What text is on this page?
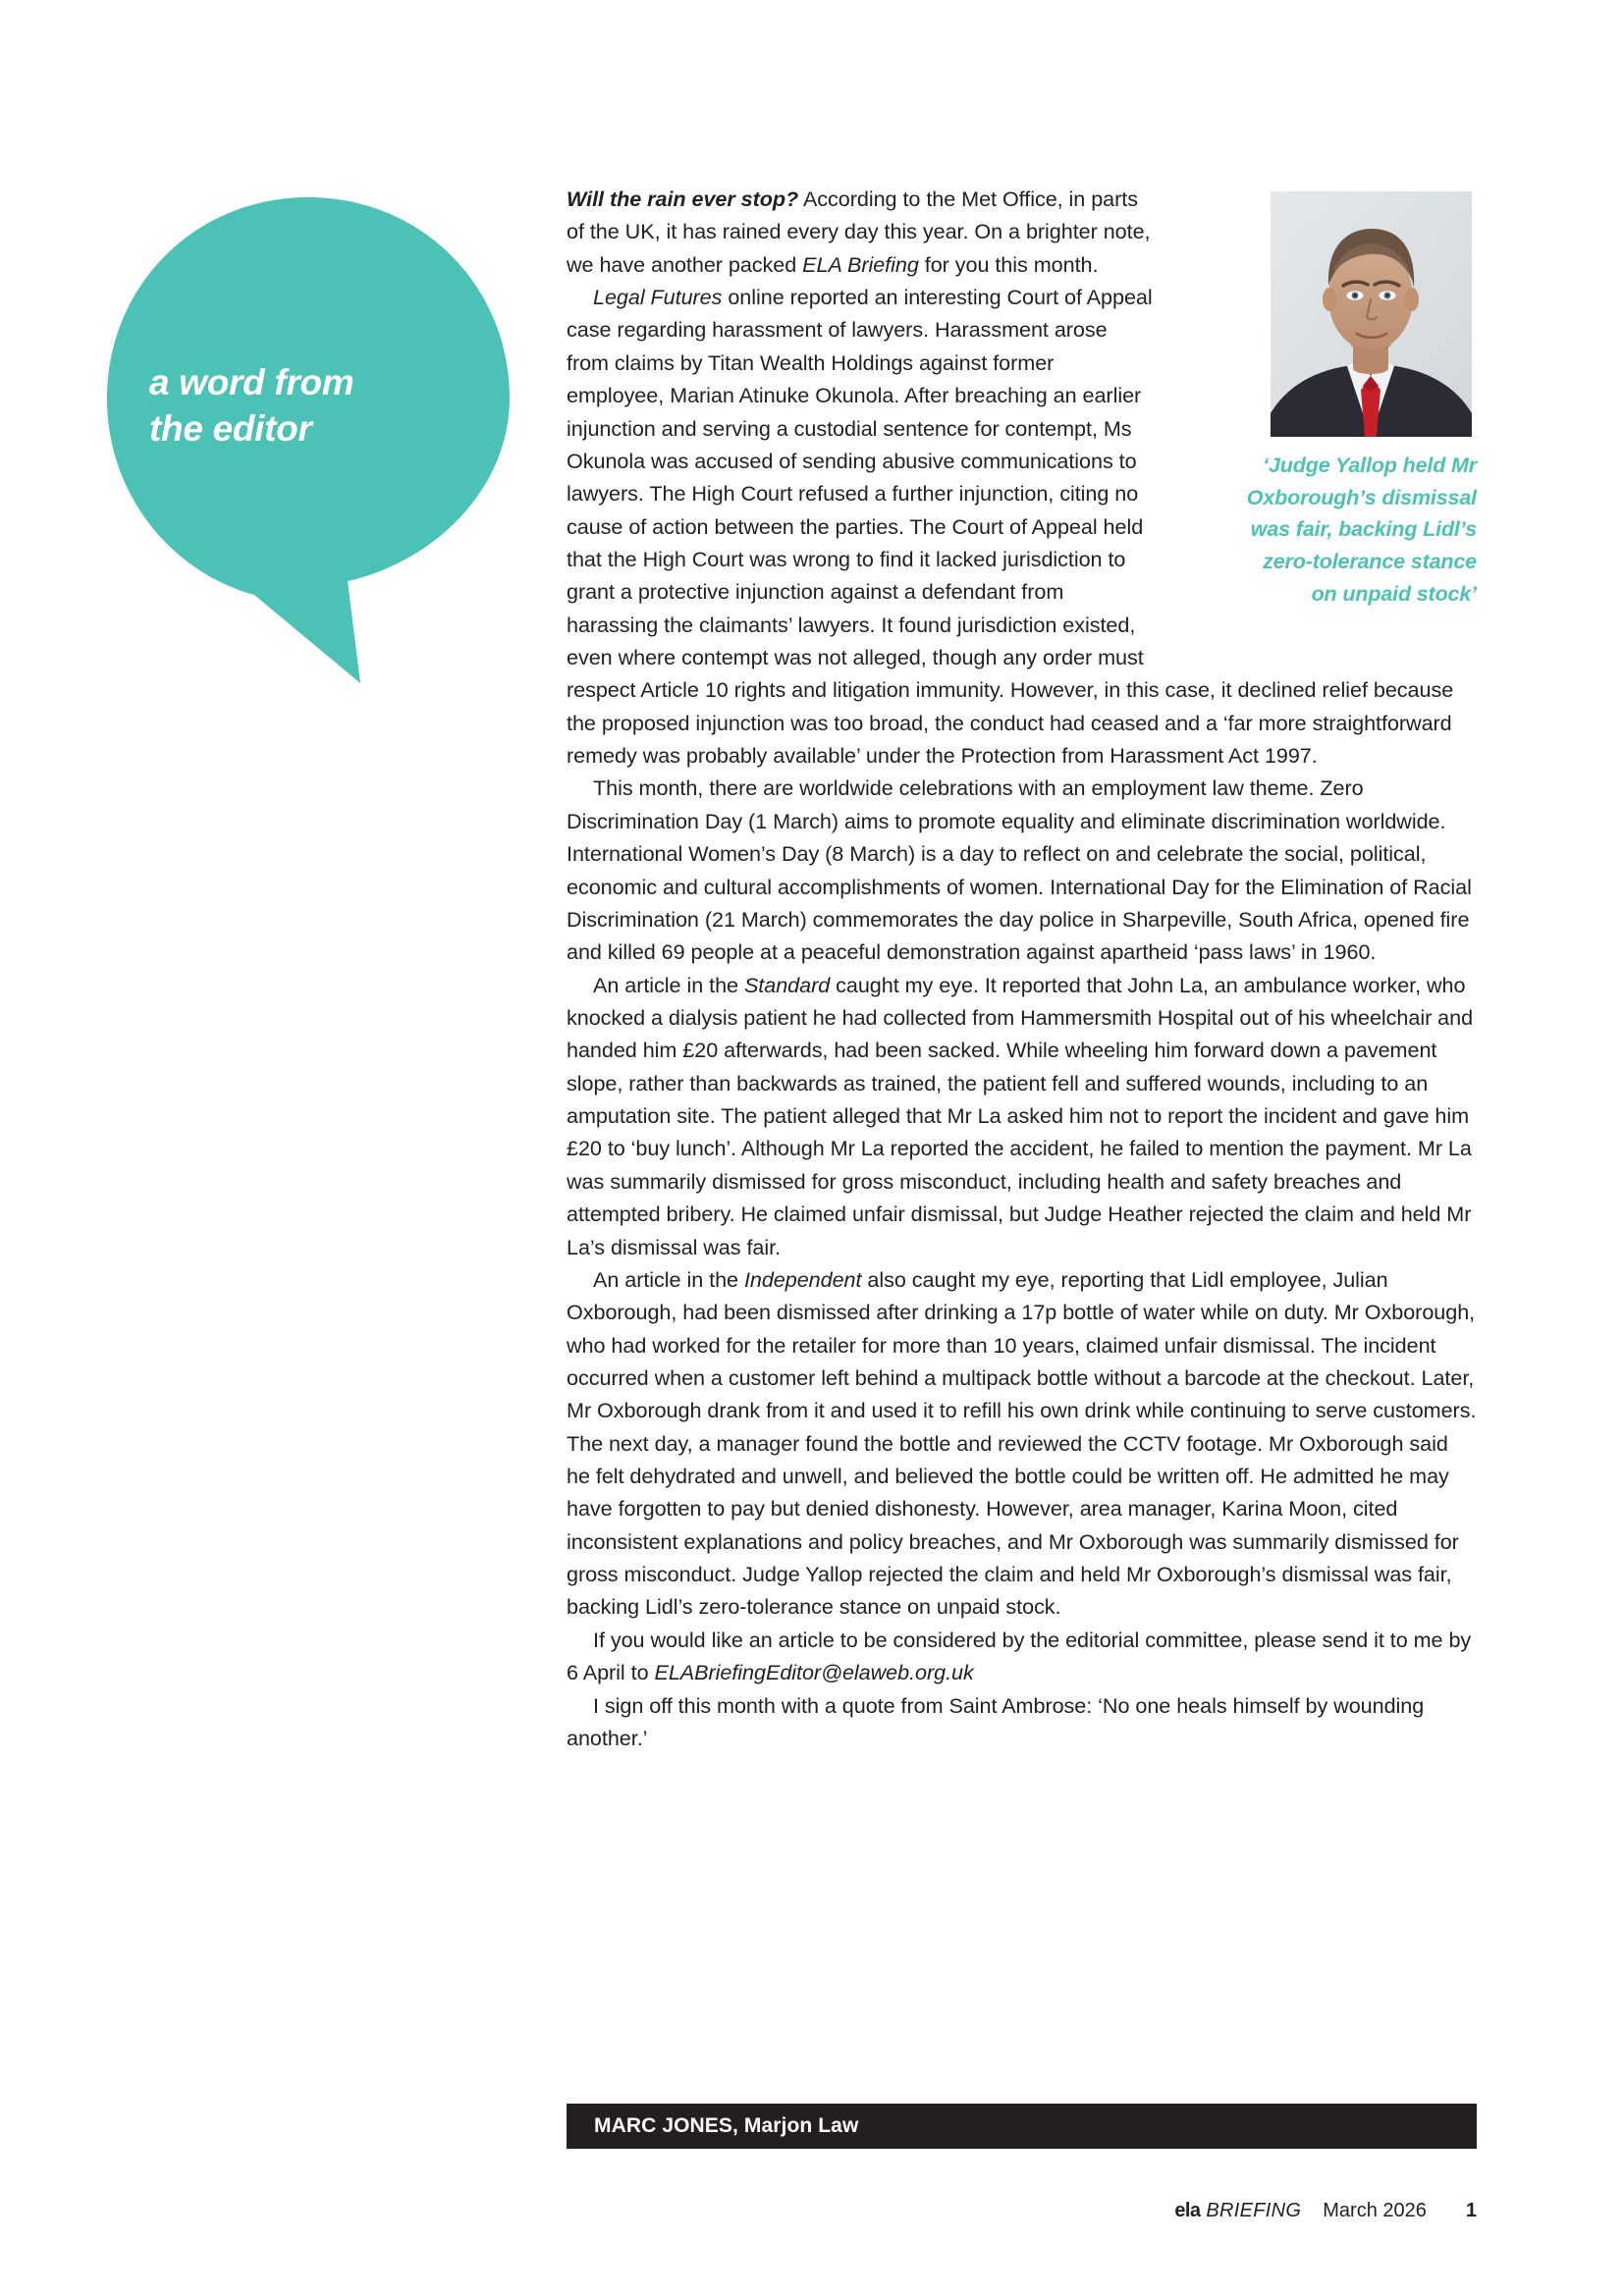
a word from
the editor
‘Judge Yallop held Mr
Oxborough’s dismissal
was fair, backing Lidl’s
zero-tolerance stance
on unpaid stock’

Will the rain ever stop? According to the Met Office, in parts of the UK, it has rained every day this year. On a brighter note, we have another packed ELA Briefing for you this month.

Legal Futures online reported an interesting Court of Appeal case regarding harassment of lawyers. Harassment arose from claims by Titan Wealth Holdings against former employee, Marian Atinuke Okunola. After breaching an earlier injunction and serving a custodial sentence for contempt, Ms Okunola was accused of sending abusive communications to lawyers. The High Court refused a further injunction, citing no cause of action between the parties. The Court of Appeal held that the High Court was wrong to find it lacked jurisdiction to grant a protective injunction against a defendant from harassing the claimants’ lawyers. It found jurisdiction existed, even where contempt was not alleged, though any order must respect Article 10 rights and litigation immunity. However, in this case, it declined relief because the proposed injunction was too broad, the conduct had ceased and a ‘far more straightforward remedy was probably available’ under the Protection from Harassment Act 1997.

This month, there are worldwide celebrations with an employment law theme. Zero Discrimination Day (1 March) aims to promote equality and eliminate discrimination worldwide. International Women’s Day (8 March) is a day to reflect on and celebrate the social, political, economic and cultural accomplishments of women. International Day for the Elimination of Racial Discrimination (21 March) commemorates the day police in Sharpeville, South Africa, opened fire and killed 69 people at a peaceful demonstration against apartheid ‘pass laws’ in 1960.

An article in the Standard caught my eye. It reported that John La, an ambulance worker, who knocked a dialysis patient he had collected from Hammersmith Hospital out of his wheelchair and handed him £20 afterwards, had been sacked. While wheeling him forward down a pavement slope, rather than backwards as trained, the patient fell and suffered wounds, including to an amputation site. The patient alleged that Mr La asked him not to report the incident and gave him £20 to ‘buy lunch’. Although Mr La reported the accident, he failed to mention the payment. Mr La was summarily dismissed for gross misconduct, including health and safety breaches and attempted bribery. He claimed unfair dismissal, but Judge Heather rejected the claim and held Mr La’s dismissal was fair.

An article in the Independent also caught my eye, reporting that Lidl employee, Julian Oxborough, had been dismissed after drinking a 17p bottle of water while on duty. Mr Oxborough, who had worked for the retailer for more than 10 years, claimed unfair dismissal. The incident occurred when a customer left behind a multipack bottle without a barcode at the checkout. Later, Mr Oxborough drank from it and used it to refill his own drink while continuing to serve customers. The next day, a manager found the bottle and reviewed the CCTV footage. Mr Oxborough said he felt dehydrated and unwell, and believed the bottle could be written off. He admitted he may have forgotten to pay but denied dishonesty. However, area manager, Karina Moon, cited inconsistent explanations and policy breaches, and Mr Oxborough was summarily dismissed for gross misconduct. Judge Yallop rejected the claim and held Mr Oxborough’s dismissal was fair, backing Lidl’s zero-tolerance stance on unpaid stock.

If you would like an article to be considered by the editorial committee, please send it to me by 6 April to ELABriefingEditor@elaweb.org.uk

I sign off this month with a quote from Saint Ambrose: ‘No one heals himself by wounding another.’

MARC JONES, Marjon Law
ela BRIEFING March 2026 1
